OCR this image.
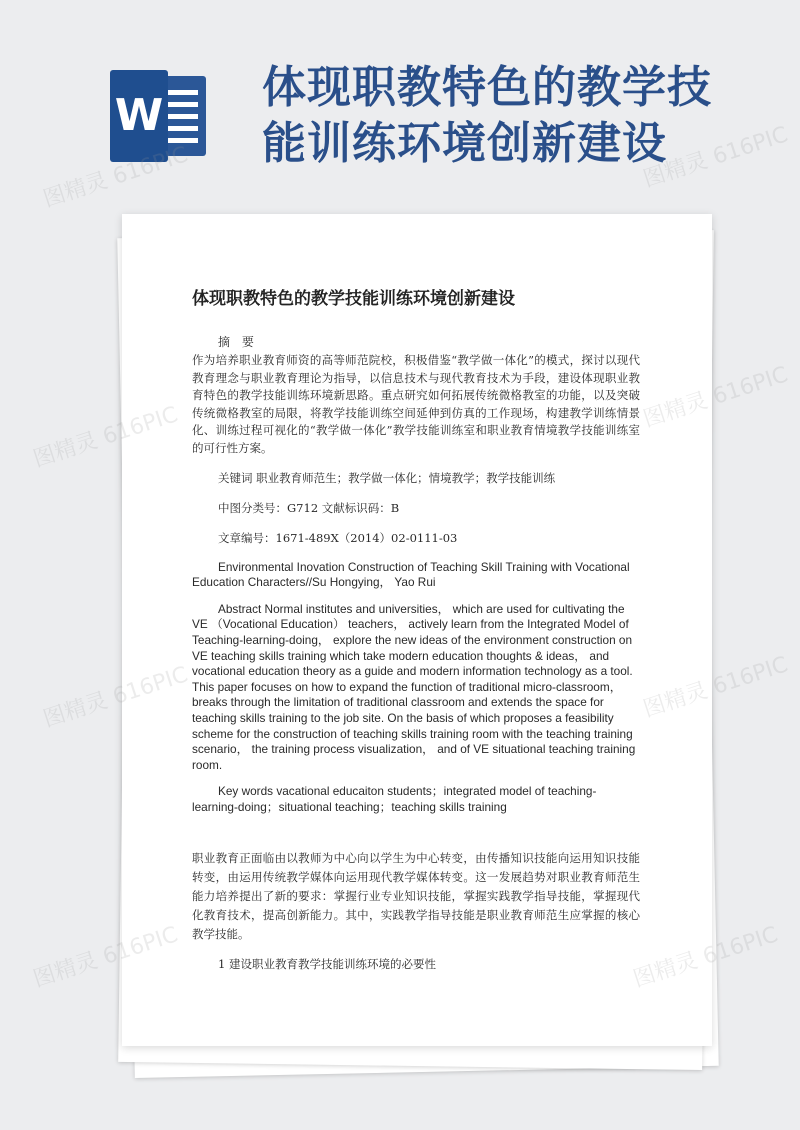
W
体现职教特色的教学技
能训练环境创新建设
体现职教特色的教学技能训练环境创新建设
摘 要

作为培养职业教育师资的高等师范院校，积极借鉴“教学做一体化”的模式，探讨以现代教育理念与职业教育理论为指导，以信息技术与现代教育技术为手段，建设体现职业教育特色的教学技能训练环境新思路。重点研究如何拓展传统微格教室的功能，以及突破传统微格教室的局限，将教学技能训练空间延伸到仿真的工作现场，构建教学训练情景化、训练过程可视化的“教学做一体化”教学技能训练室和职业教育情境教学技能训练室的可行性方案。

关键词 职业教育师范生；教学做一体化；情境教学；教学技能训练

中图分类号：G712 文献标识码：B

文章编号：1671-489X（2014）02-0111-03

Environmental Inovation Construction of Teaching Skill Training with Vocational Education Characters//Su Hongying， Yao Rui

Abstract Normal institutes and universities， which are used for cultivating the VE （Vocational Education） teachers， actively learn from the Integrated Model of Teaching-learning-doing， explore the new ideas of the environment construction on VE teaching skills training which take modern education thoughts & ideas， and vocational education theory as a guide and modern information technology as a tool. This paper focuses on how to expand the function of traditional micro-classroom， breaks through the limitation of traditional classroom and extends the space for teaching skills training to the job site. On the basis of which proposes a feasibility scheme for the construction of teaching skills training room with the teaching training scenario， the training process visualization， and of VE situational teaching training room.

Key words vacational educaiton students；integrated model of teaching-learning-doing；situational teaching；teaching skills training

职业教育正面临由以教师为中心向以学生为中心转变，由传播知识技能向运用知识技能转变，由运用传统教学媒体向运用现代教学媒体转变。这一发展趋势对职业教育师范生能力培养提出了新的要求：掌握行业专业知识技能，掌握实践教学指导技能，掌握现代化教育技术，提高创新能力。其中，实践教学指导技能是职业教育师范生应掌握的核心教学技能。

1 建设职业教育教学技能训练环境的必要性

图精灵 616PIC	图精灵 616PIC
图精灵 616PIC
图精灵 616PIC
图精灵 616PIC	图精灵 616PIC
图精灵 616PIC	616PIC
